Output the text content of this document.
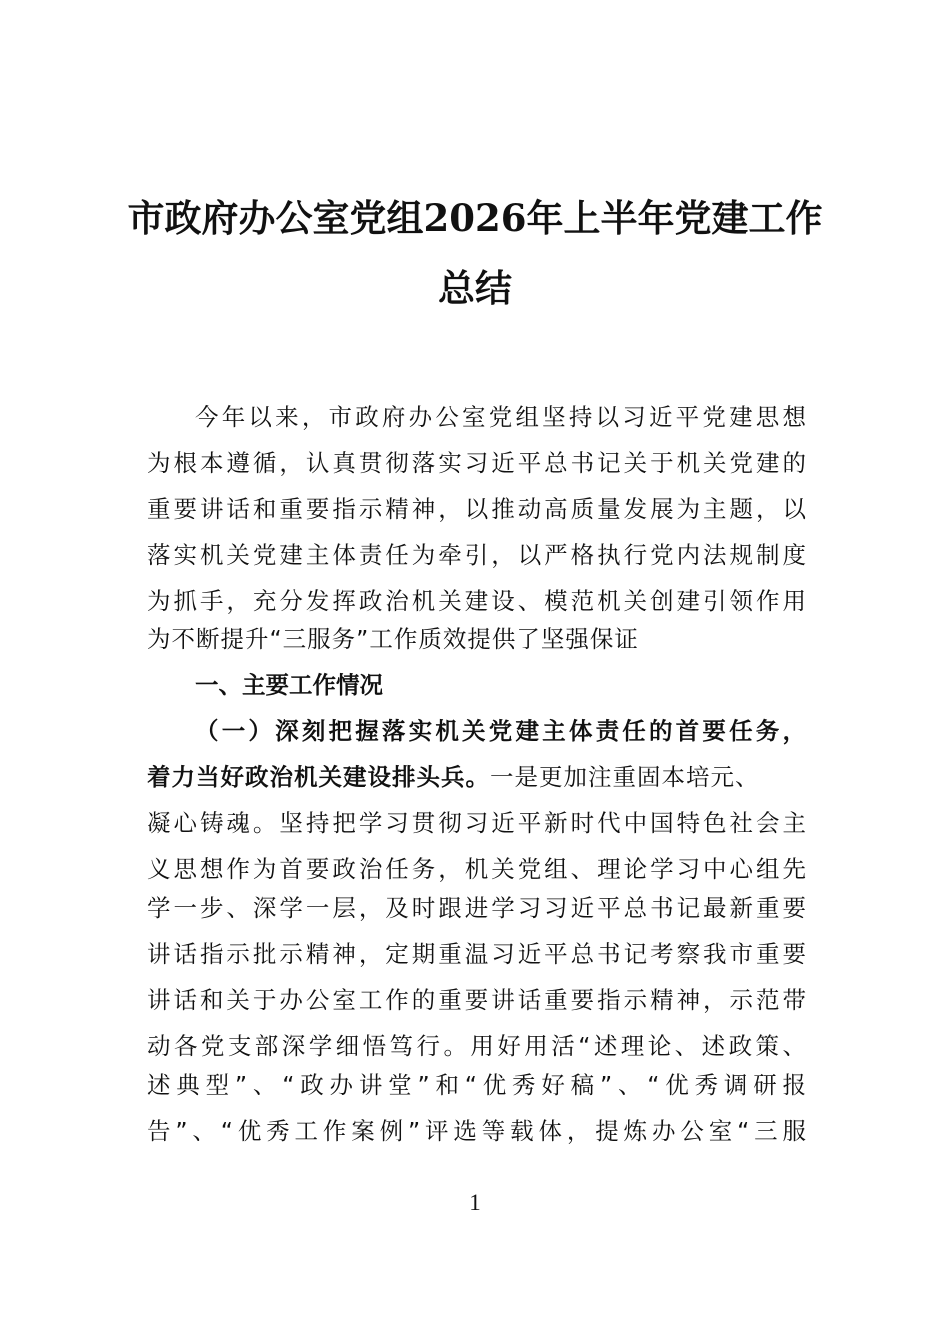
市政府办公室党组2026年上半年党建工作
总结
今年以来，市政府办公室党组坚持以习近平党建思想
为根本遵循，认真贯彻落实习近平总书记关于机关党建的
重要讲话和重要指示精神，以推动高质量发展为主题，以
落实机关党建主体责任为牵引，以严格执行党内法规制度
为抓手，充分发挥政治机关建设、模范机关创建引领作用
为不断提升“三服务”工作质效提供了坚强保证
一、主要工作情况
（一）深刻把握落实机关党建主体责任的首要任务，
着力当好政治机关建设排头兵。一是更加注重固本培元、
凝心铸魂。坚持把学习贯彻习近平新时代中国特色社会主
义思想作为首要政治任务，机关党组、理论学习中心组先
学一步、深学一层，及时跟进学习习近平总书记最新重要
讲话指示批示精神，定期重温习近平总书记考察我市重要
讲话和关于办公室工作的重要讲话重要指示精神，示范带
动各党支部深学细悟笃行。用好用活“述理论、述政策、
述典型”、“政办讲堂”和“优秀好稿”、“优秀调研报
告”、“优秀工作案例”评选等载体，提炼办公室“三服
1
